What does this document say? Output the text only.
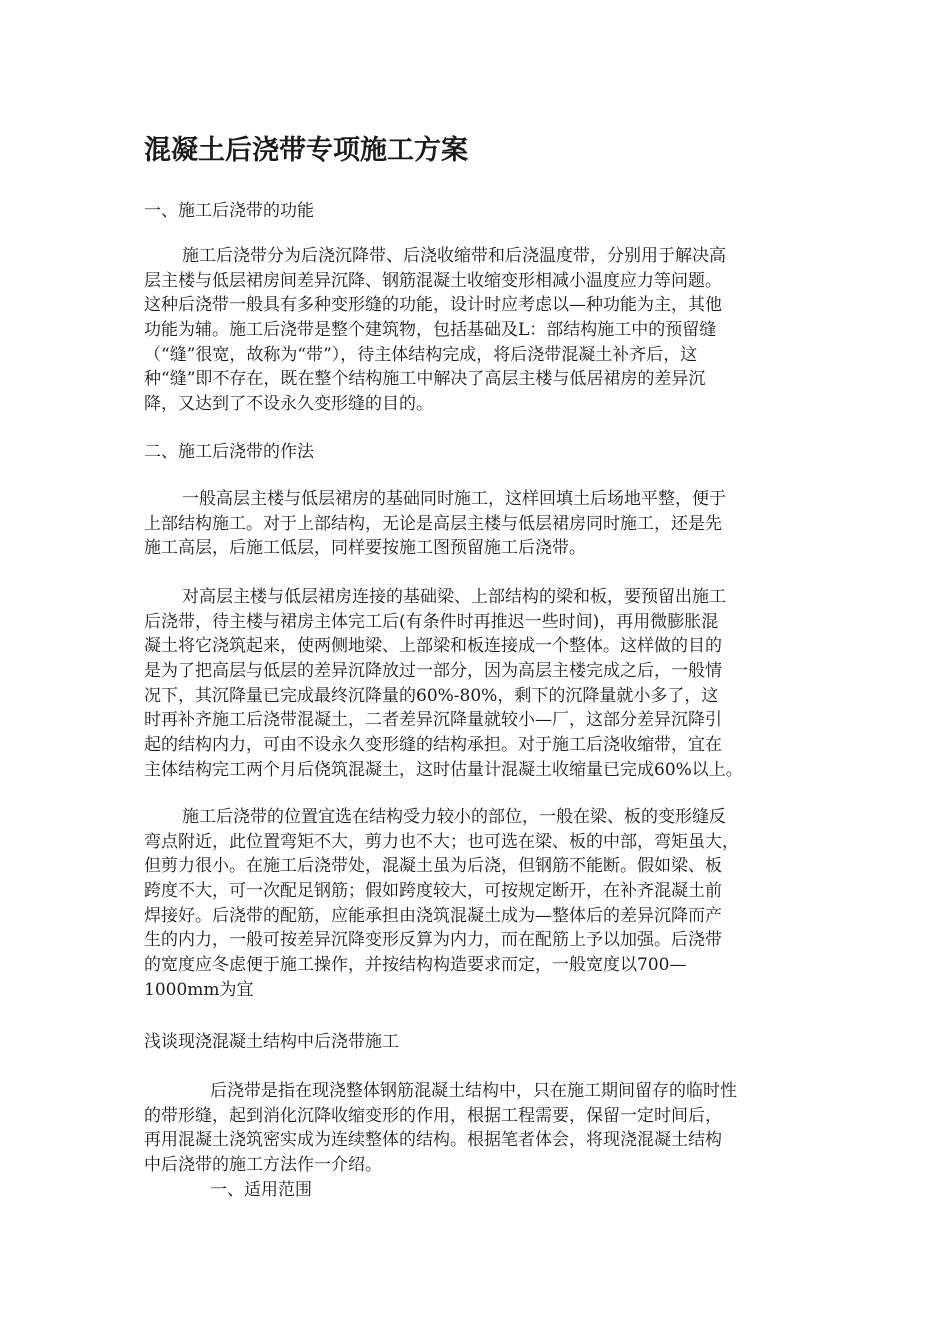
混凝土后浇带专项施工方案
一、施工后浇带的功能
施工后浇带分为后浇沉降带、后浇收缩带和后浇温度带，分别用于解决高
层主楼与低层裙房间差异沉降、钢筋混凝土收缩变形相减小温度应力等问题。
这种后浇带一般具有多种变形缝的功能，设计时应考虑以—种功能为主，其他
功能为辅。施工后浇带是整个建筑物，包括基础及L：部结构施工中的预留缝
（“缝”很宽，故称为“带”），待主体结构完成，将后浇带混凝土补齐后，这
种“缝”即不存在，既在整个结构施工中解决了高层主楼与低居裙房的差异沉
降，又达到了不设永久变形缝的目的。
二、施工后浇带的作法
一般高层主楼与低层裙房的基础同时施工，这样回填土后场地平整，便于
上部结构施工。对于上部结构，无论是高层主楼与低层裙房同时施工，还是先
施工高层，后施工低层，同样要按施工图预留施工后浇带。
对高层主楼与低层裙房连接的基础梁、上部结构的梁和板，要预留出施工
后浇带，待主楼与裙房主体完工后(有条件时再推迟一些时间)，再用微膨胀混
凝土将它浇筑起来，使两侧地梁、上部梁和板连接成一个整体。这样做的目的
是为了把高层与低层的差异沉降放过一部分，因为高层主楼完成之后，一般情
况下，其沉降量已完成最终沉降量的60%-80%，剩下的沉降量就小多了，这
时再补齐施工后浇带混凝土，二者差异沉降量就较小—厂，这部分差异沉降引
起的结构内力，可由不设永久变形缝的结构承担。对于施工后浇收缩带，宜在
主体结构完工两个月后侥筑混凝土，这时估量计混凝土收缩量已完成60%以上。
施工后浇带的位置宜选在结构受力较小的部位，一般在梁、板的变形缝反
弯点附近，此位置弯矩不大，剪力也不大；也可选在梁、板的中部，弯矩虽大，
但剪力很小。在施工后浇带处，混凝土虽为后浇，但钢筋不能断。假如梁、板
跨度不大，可一次配足钢筋；假如跨度较大，可按规定断开，在补齐混凝土前
焊接好。后浇带的配筋，应能承担由浇筑混凝土成为—整体后的差异沉降而产
生的内力，一般可按差异沉降变形反算为内力，而在配筋上予以加强。后浇带
的宽度应冬虑便于施工操作，并按结构构造要求而定，一般宽度以700—
1000mm为宜
浅谈现浇混凝土结构中后浇带施工
后浇带是指在现浇整体钢筋混凝土结构中，只在施工期间留存的临时性
的带形缝，起到消化沉降收缩变形的作用，根据工程需要，保留一定时间后，
再用混凝土浇筑密实成为连续整体的结构。根据笔者体会，将现浇混凝土结构
中后浇带的施工方法作一介绍。
一、适用范围
